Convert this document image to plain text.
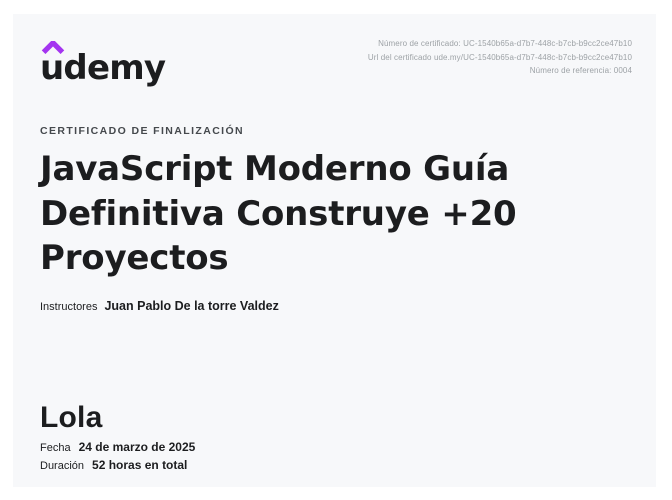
udemy
Número de certificado: UC-1540b65a-d7b7-448c-b7cb-b9cc2ce47b10
Url del certificado ude.my/UC-1540b65a-d7b7-448c-b7cb-b9cc2ce47b10
Número de referencia: 0004
CERTIFICADO DE FINALIZACIÓN
JavaScript Moderno Guía Definitiva Construye +20 Proyectos
Instructores Juan Pablo De la torre Valdez
Lola
Fecha 24 de marzo de 2025
Duración 52 horas en total
